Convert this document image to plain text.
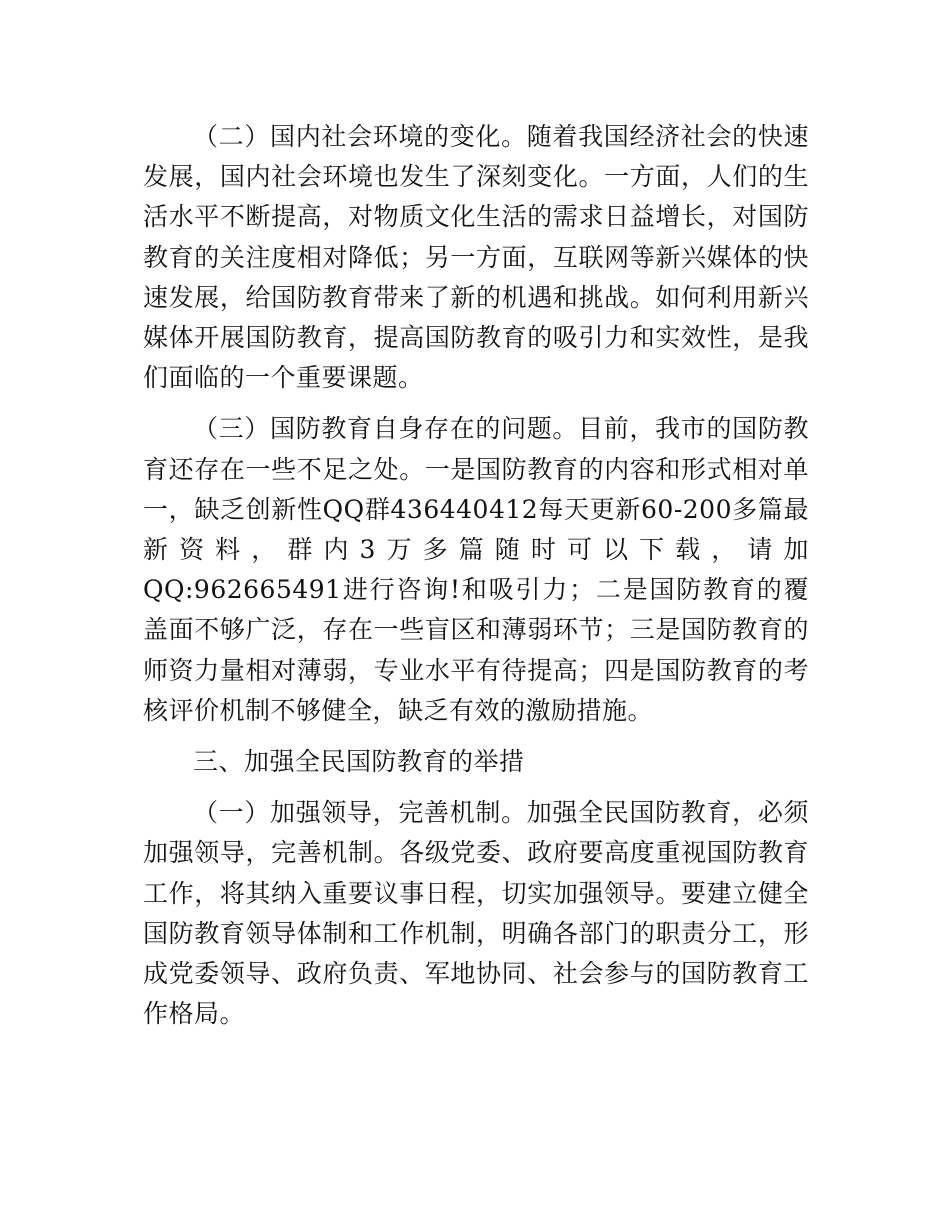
（二）国内社会环境的变化。随着我国经济社会的快速发展，国内社会环境也发生了深刻变化。一方面，人们的生活水平不断提高，对物质文化生活的需求日益增长，对国防教育的关注度相对降低；另一方面，互联网等新兴媒体的快速发展，给国防教育带来了新的机遇和挑战。如何利用新兴媒体开展国防教育，提高国防教育的吸引力和实效性，是我们面临的一个重要课题。

（三）国防教育自身存在的问题。目前，我市的国防教育还存在一些不足之处。一是国防教育的内容和形式相对单一，缺乏创新性QQ群436440412每天更新60-200多篇最新资料，群内3万多篇随时可以下载，请加QQ:962665491进行咨询!和吸引力；二是国防教育的覆盖面不够广泛，存在一些盲区和薄弱环节；三是国防教育的师资力量相对薄弱，专业水平有待提高；四是国防教育的考核评价机制不够健全，缺乏有效的激励措施。

三、加强全民国防教育的举措

（一）加强领导，完善机制。加强全民国防教育，必须加强领导，完善机制。各级党委、政府要高度重视国防教育工作，将其纳入重要议事日程，切实加强领导。要建立健全国防教育领导体制和工作机制，明确各部门的职责分工，形成党委领导、政府负责、军地协同、社会参与的国防教育工作格局。
